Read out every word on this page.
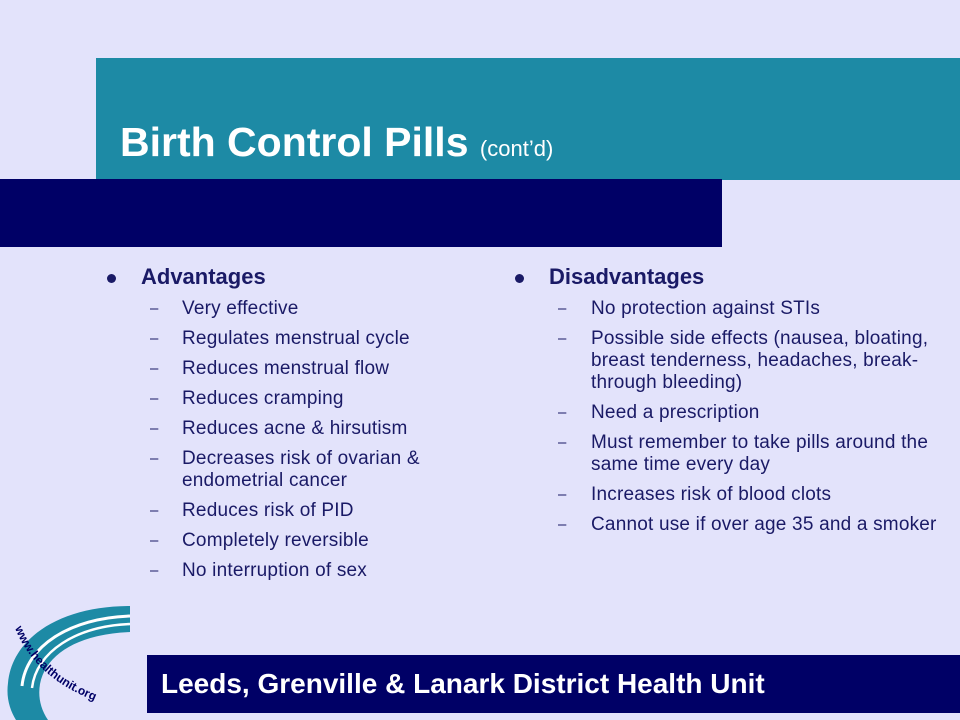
Birth Control Pills (cont’d)
Advantages
– Very effective
– Regulates menstrual cycle
– Reduces menstrual flow
– Reduces cramping
– Reduces acne & hirsutism
– Decreases risk of ovarian & endometrial cancer
– Reduces risk of PID
– Completely reversible
– No interruption of sex
Disadvantages
– No protection against STIs
– Possible side effects (nausea, bloating, breast tenderness, headaches, break-through bleeding)
– Need a prescription
– Must remember to take pills around the same time every day
– Increases risk of blood clots
– Cannot use if over age 35 and a smoker
www.healthunit.org Leeds, Grenville & Lanark District Health Unit
